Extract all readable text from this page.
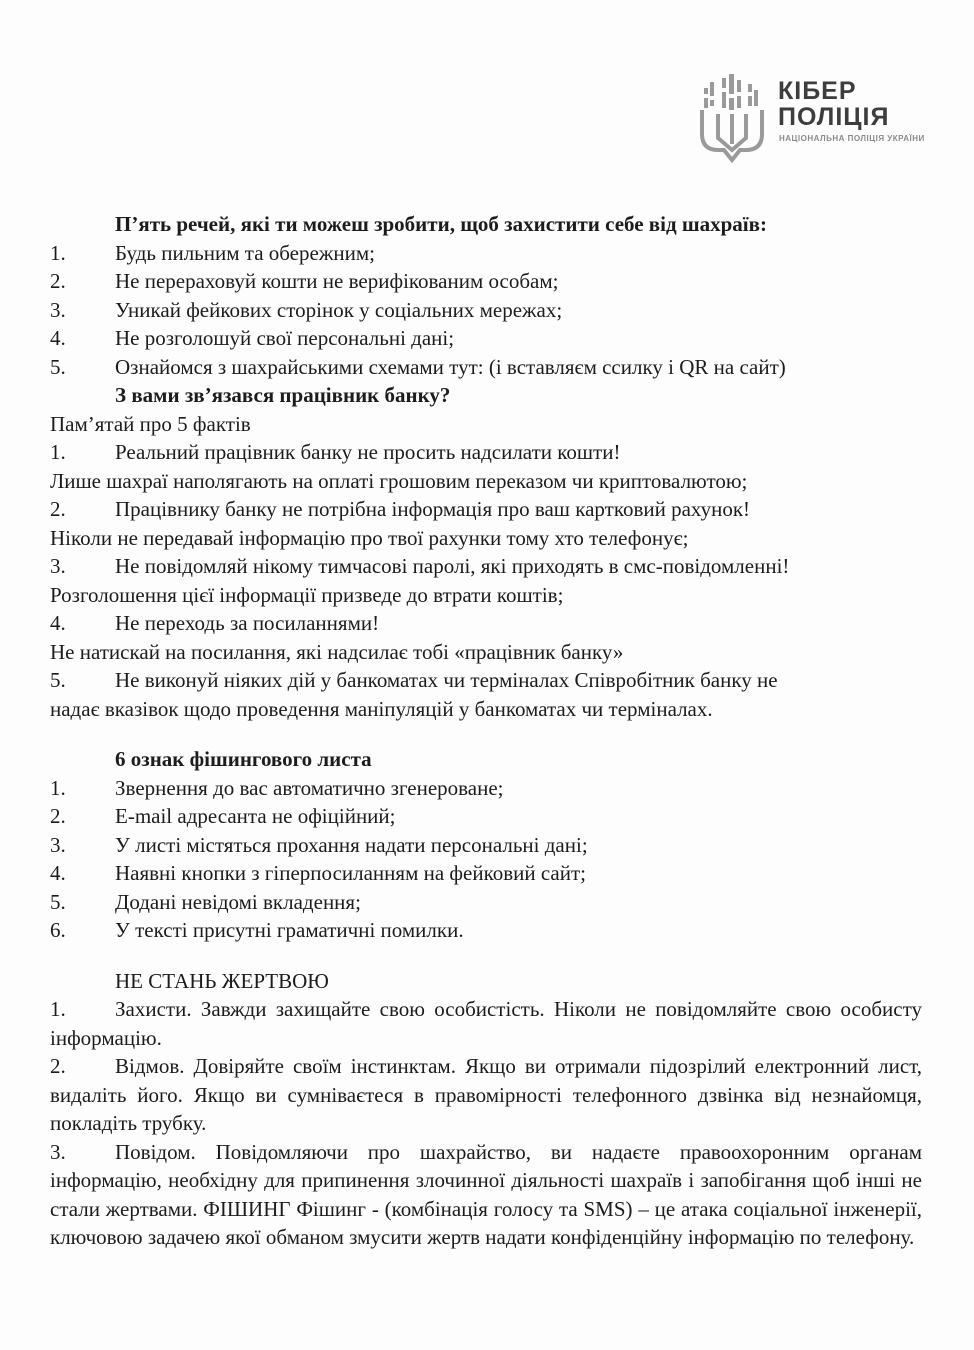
КІБЕР
ПОЛІЦІЯ
НАЦІОНАЛЬНА ПОЛІЦІЯ УКРАЇНИ
П’ять речей, які ти можеш зробити, щоб захистити себе від шахраїв:
1.	Будь пильним та обережним;
2.	Не перераховуй кошти не верифікованим особам;
3.	Уникай фейкових сторінок у соціальних мережах;
4.	Не розголошуй свої персональні дані;
5.	Ознайомся з шахрайськими схемами тут: (і вставляєм ссилку і QR на сайт)
З вами зв’язався працівник банку?
Пам’ятай про 5 фактів
1.	Реальний працівник банку не просить надсилати кошти!
Лише шахраї наполягають на оплаті грошовим переказом чи криптовалютою;
2.	Працівнику банку не потрібна інформація про ваш картковий рахунок!
Ніколи не передавай інформацію про твої рахунки тому хто телефонує;
3.	Не повідомляй нікому тимчасові паролі, які приходять в смс-повідомленні!
Розголошення цієї інформації призведе до втрати коштів;
4.	Не переходь за посиланнями!
Не натискай на посилання, які надсилає тобі «працівник банку»
5.	Не виконуй ніяких дій у банкоматах чи терміналах Співробітник банку не
надає вказівок щодо проведення маніпуляцій у банкоматах чи терміналах.
6 ознак фішингового листа
1.	Звернення до вас автоматично згенероване;
2.	E-mail адресанта не офіційний;
3.	У листі містяться прохання надати персональні дані;
4.	Наявні кнопки з гіперпосиланням на фейковий сайт;
5.	Додані невідомі вкладення;
6.	У тексті присутні граматичні помилки.
НЕ СТАНЬ ЖЕРТВОЮ
1. Захисти. Завжди захищайте свою особистість. Ніколи не повідомляйте свою особисту інформацію.
2. Відмов. Довіряйте своїм інстинктам. Якщо ви отримали підозрілий електронний лист, видаліть його. Якщо ви сумніваєтеся в правомірності телефонного дзвінка від незнайомця, покладіть трубку.
3. Повідом. Повідомляючи про шахрайство, ви надаєте правоохоронним органам інформацію, необхідну для припинення злочинної діяльності шахраїв і запобігання щоб інші не стали жертвами. ФІШИНГ Фішинг - (комбінація голосу та SMS) – це атака соціальної інженерії, ключовою задачею якої обманом змусити жертв надати конфіденційну інформацію по телефону.
